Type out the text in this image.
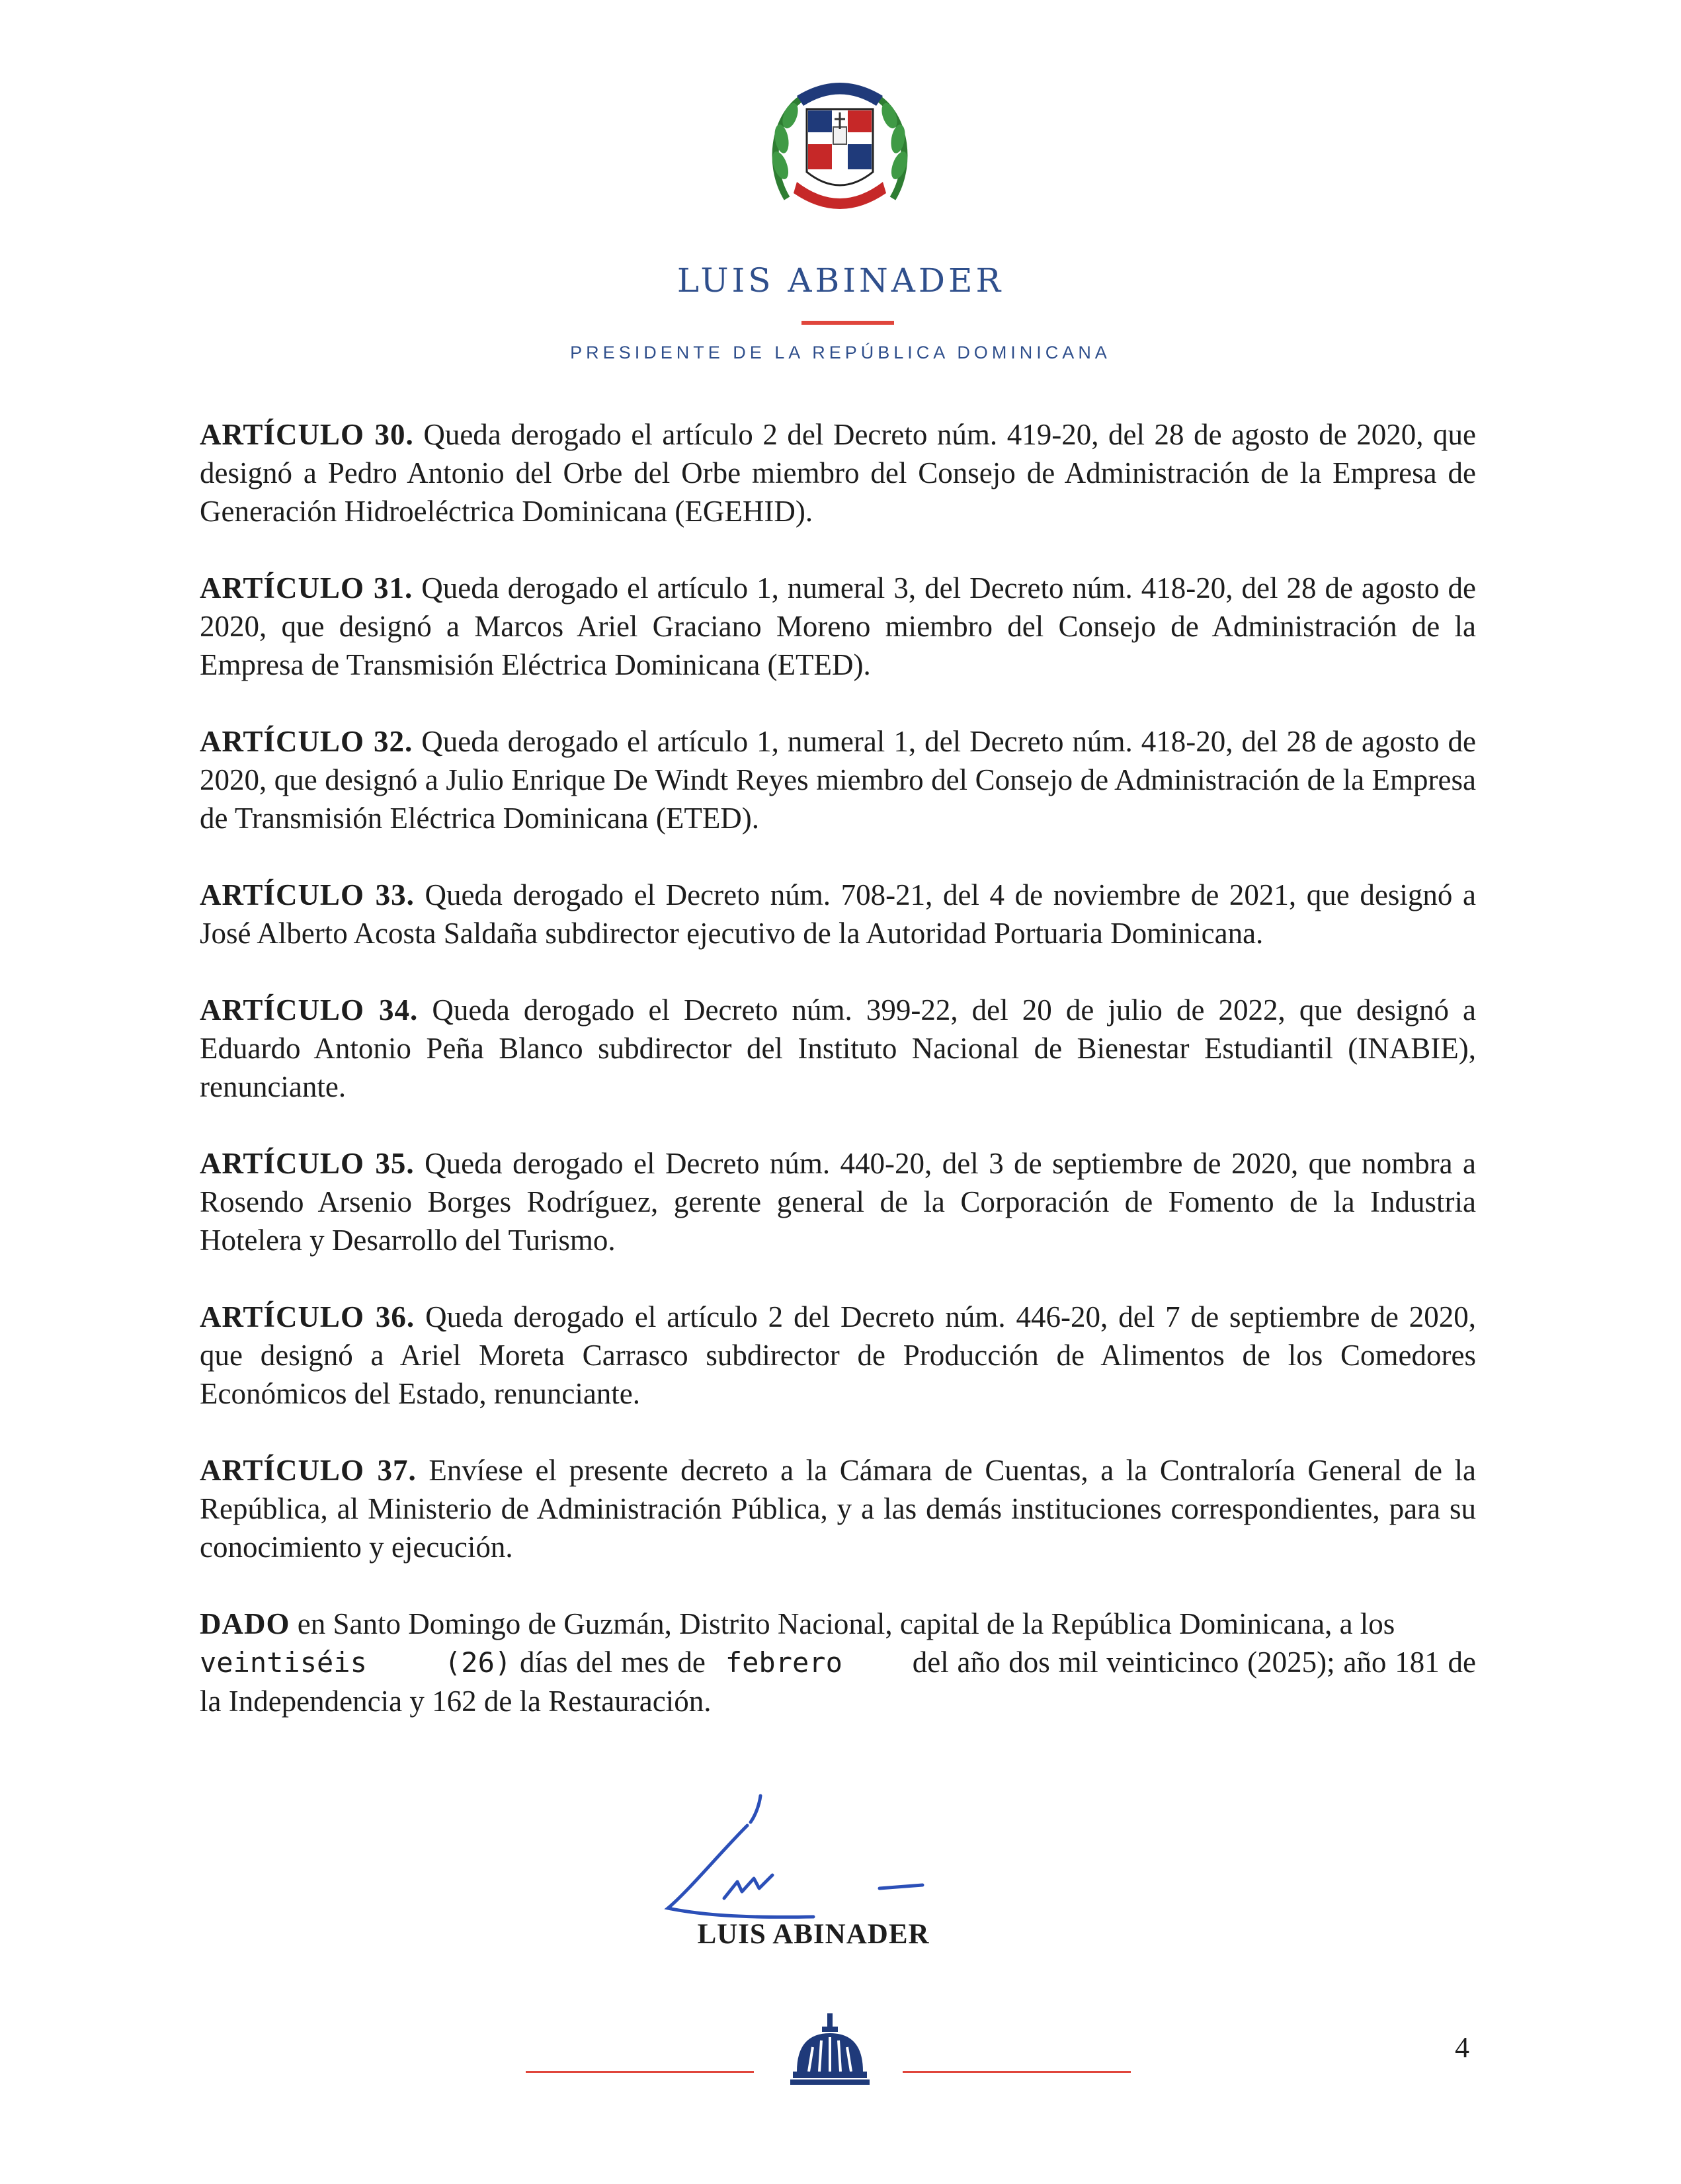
LUIS ABINADER
PRESIDENTE DE LA REPÚBLICA DOMINICANA

ARTÍCULO 30. Queda derogado el artículo 2 del Decreto núm. 419-20, del 28 de agosto de 2020, que designó a Pedro Antonio del Orbe del Orbe miembro del Consejo de Administración de la Empresa de Generación Hidroeléctrica Dominicana (EGEHID).

ARTÍCULO 31. Queda derogado el artículo 1, numeral 3, del Decreto núm. 418-20, del 28 de agosto de 2020, que designó a Marcos Ariel Graciano Moreno miembro del Consejo de Administración de la Empresa de Transmisión Eléctrica Dominicana (ETED).

ARTÍCULO 32. Queda derogado el artículo 1, numeral 1, del Decreto núm. 418-20, del 28 de agosto de 2020, que designó a Julio Enrique De Windt Reyes miembro del Consejo de Administración de la Empresa de Transmisión Eléctrica Dominicana (ETED).

ARTÍCULO 33. Queda derogado el Decreto núm. 708-21, del 4 de noviembre de 2021, que designó a José Alberto Acosta Saldaña subdirector ejecutivo de la Autoridad Portuaria Dominicana.

ARTÍCULO 34. Queda derogado el Decreto núm. 399-22, del 20 de julio de 2022, que designó a Eduardo Antonio Peña Blanco subdirector del Instituto Nacional de Bienestar Estudiantil (INABIE), renunciante.

ARTÍCULO 35. Queda derogado el Decreto núm. 440-20, del 3 de septiembre de 2020, que nombra a Rosendo Arsenio Borges Rodríguez, gerente general de la Corporación de Fomento de la Industria Hotelera y Desarrollo del Turismo.

ARTÍCULO 36. Queda derogado el artículo 2 del Decreto núm. 446-20, del 7 de septiembre de 2020, que designó a Ariel Moreta Carrasco subdirector de Producción de Alimentos de los Comedores Económicos del Estado, renunciante.

ARTÍCULO 37. Envíese el presente decreto a la Cámara de Cuentas, a la Contraloría General de la República, al Ministerio de Administración Pública, y a las demás instituciones correspondientes, para su conocimiento y ejecución.

DADO en Santo Domingo de Guzmán, Distrito Nacional, capital de la República Dominicana, a los
veintiséis	(26) días del mes de febrero del año dos mil veinticinco (2025); año 181 de la Independencia y 162 de la Restauración.

LUIS ABINADER
4
